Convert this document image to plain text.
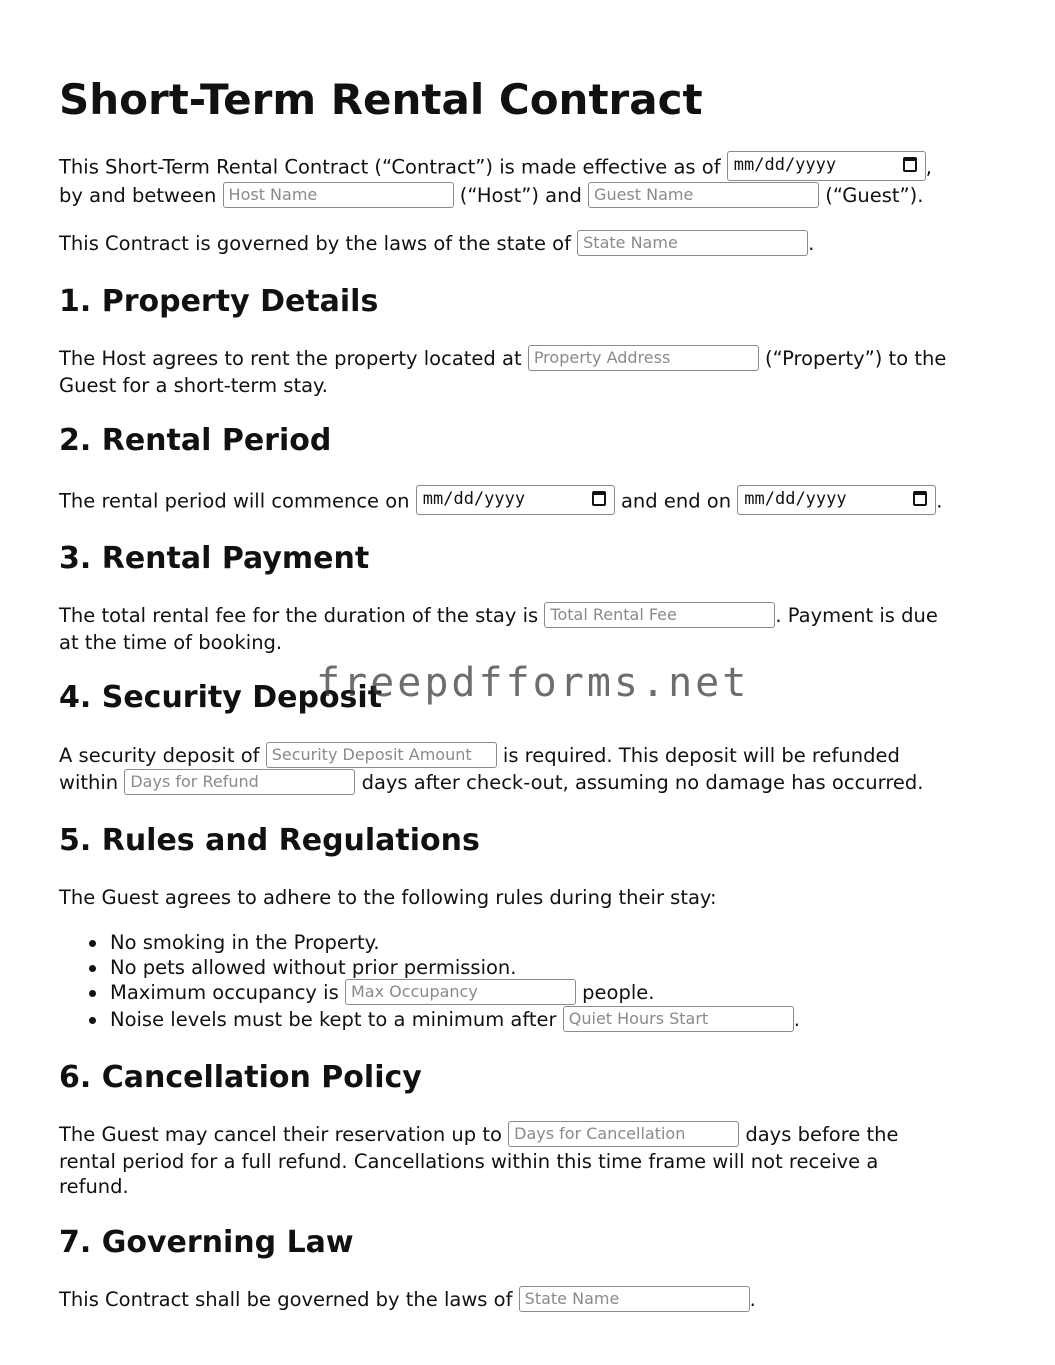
Short-Term Rental Contract
This Short-Term Rental Contract (“Contract”) is made effective as of mm/dd/yyyy	,
by and between Host Name	(“Host”) and Guest Name	(“Guest”).
This Contract is governed by the laws of the state of State Name	.
1. Property Details
The Host agrees to rent the property located at Property Address	(“Property”) to the
Guest for a short-term stay.
2. Rental Period
The rental period will commence on mm/dd/yyyy	and end on mm/dd/yyyy	.
3. Rental Payment
The total rental fee for the duration of the stay is Total Rental Fee	. Payment is due
at the time of booking.
4. Security Deposit
A security deposit of Security Deposit Amount is required. This deposit will be refunded
within Days for Refund	days after check-out, assuming no damage has occurred.
5. Rules and Regulations
The Guest agrees to adhere to the following rules during their stay:
No smoking in the Property.
No pets allowed without prior permission.
Maximum occupancy is Max Occupancy	people.
Noise levels must be kept to a minimum after Quiet Hours Start	.
6. Cancellation Policy
The Guest may cancel their reservation up to Days for Cancellation	days before the
rental period for a full refund. Cancellations within this time frame will not receive a
refund.
7. Governing Law
This Contract shall be governed by the laws of State Name	.
freepdfforms.net
